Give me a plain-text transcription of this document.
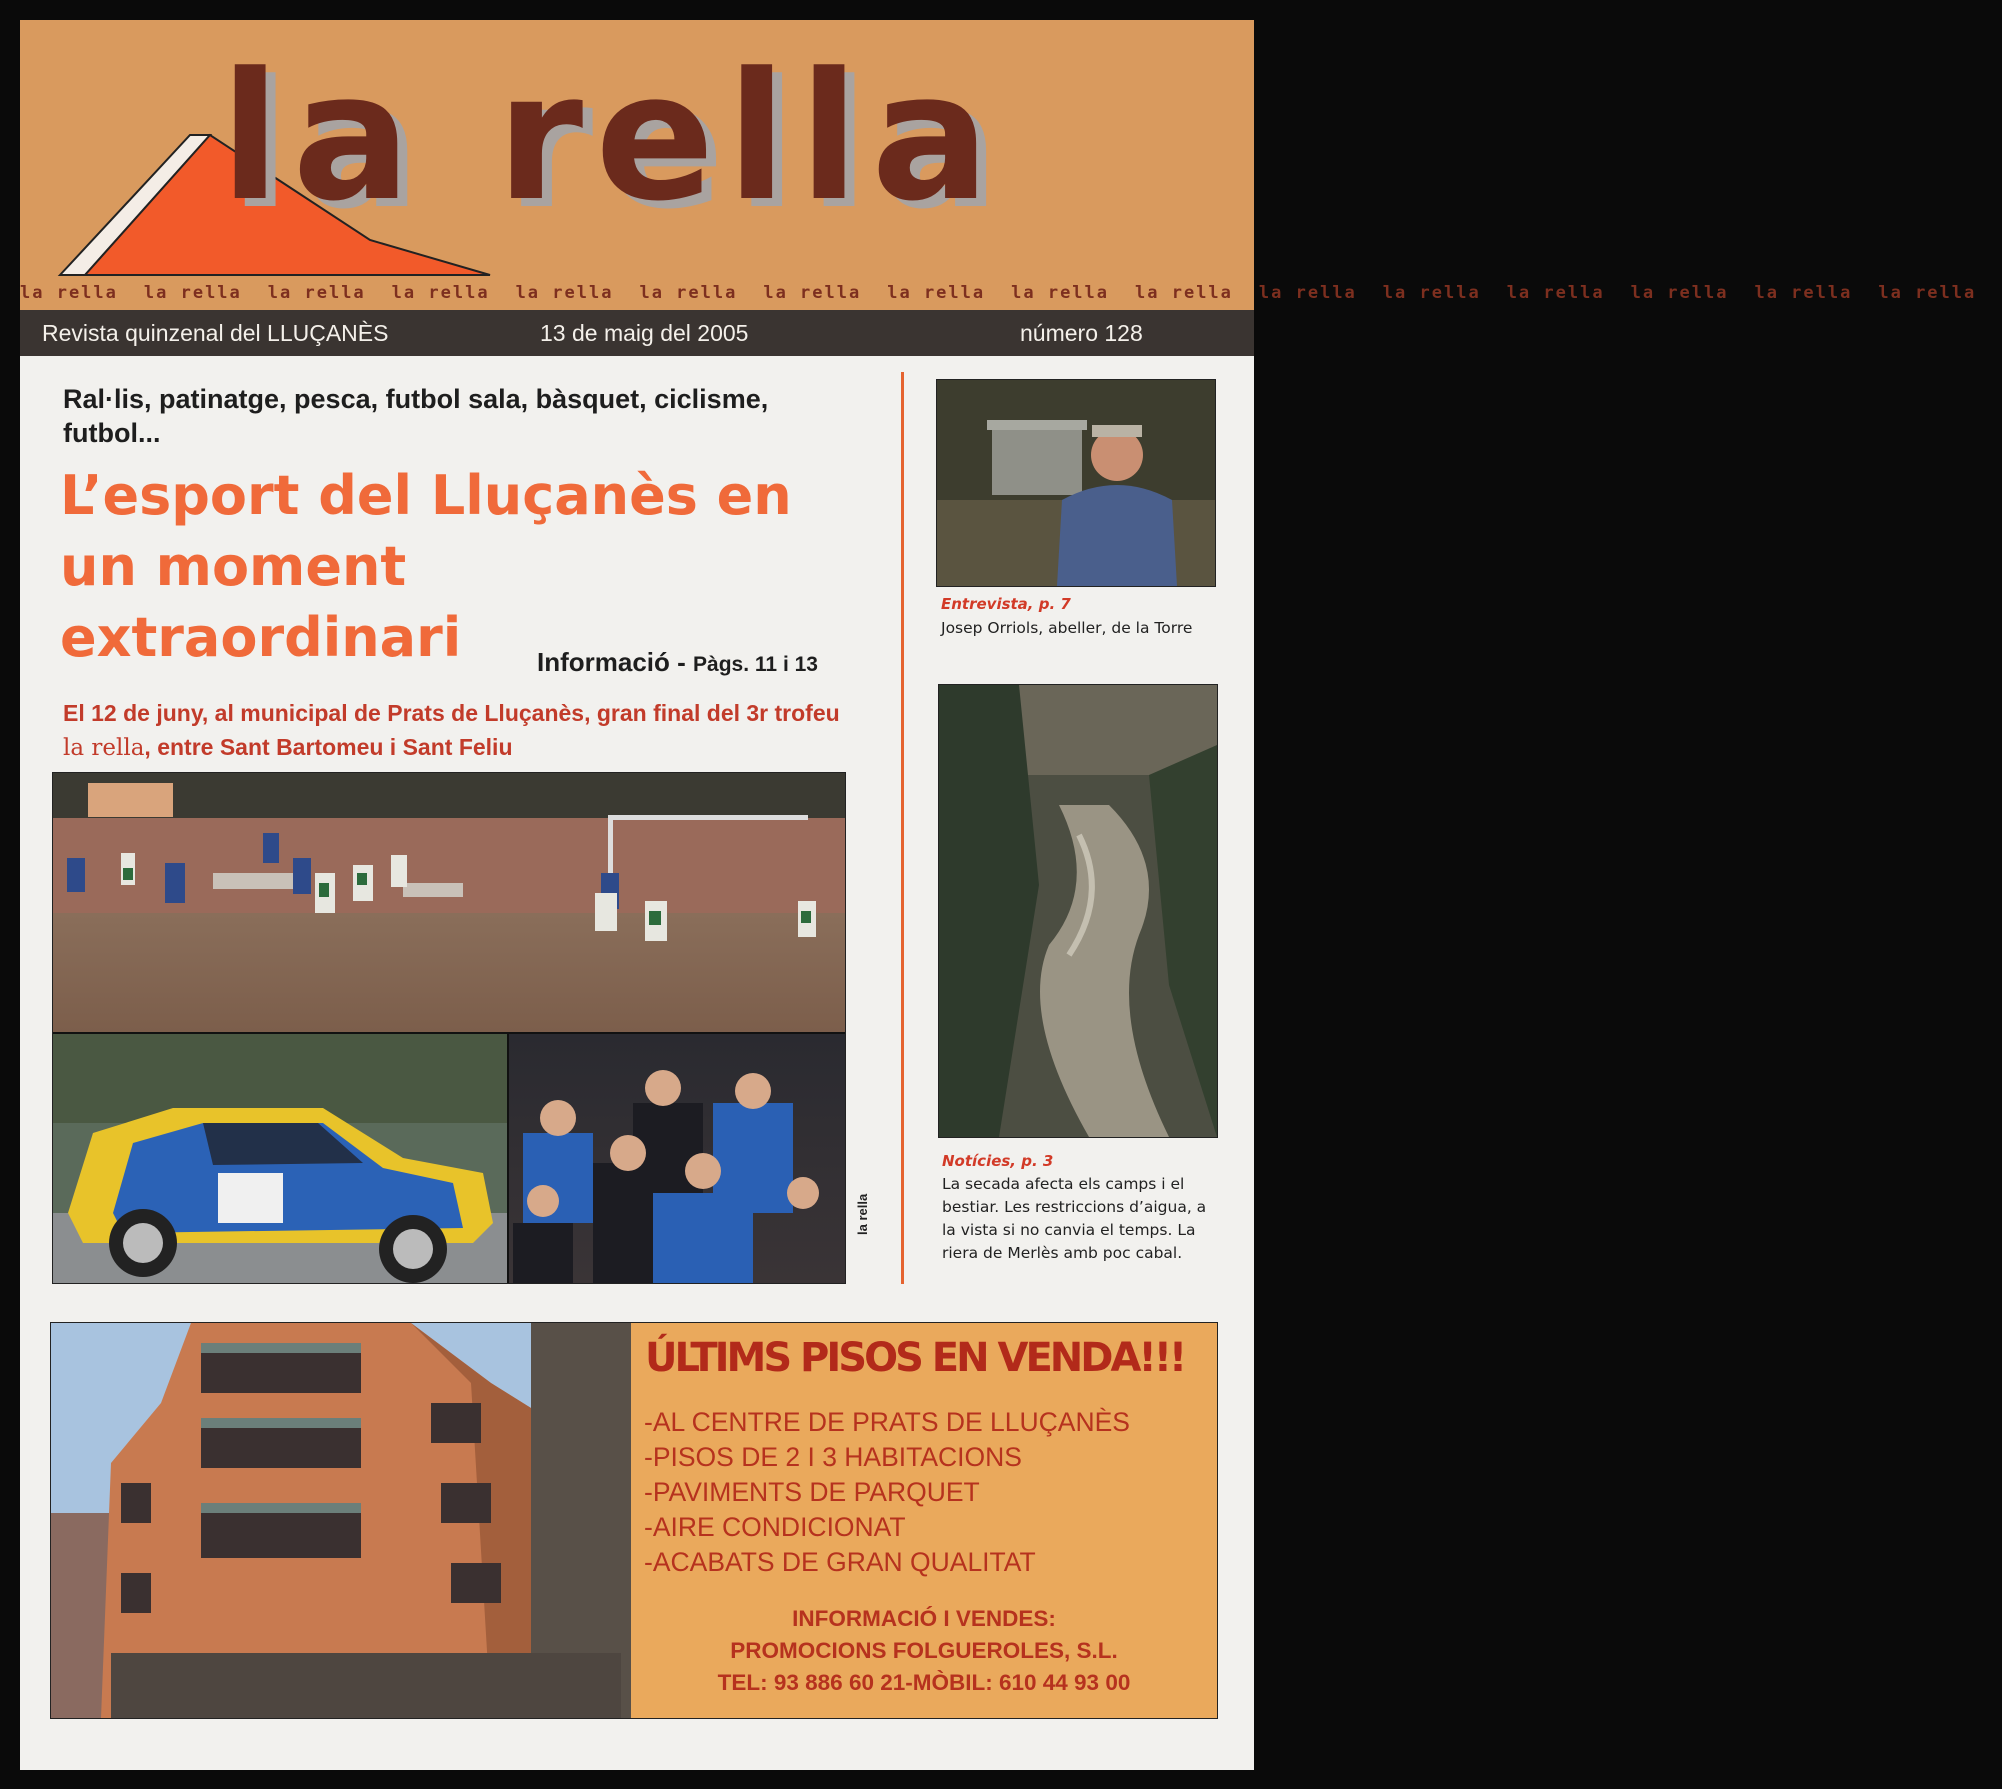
la rella
la rella la rella la rella la rella la rella la rella la rella la rella la rella la rella la rella la rella la rella la rella la rella la rella
Revista quinzenal del LLUÇANÈS	13 de maig del 2005	número 128
Ral·lis, patinatge, pesca, futbol sala, bàsquet, ciclisme, futbol...
L’esport del Lluçanès en un moment extraordinari	Informació - Pàgs. 11 i 13
El 12 de juny, al municipal de Prats de Lluçanès, gran final del 3r trofeu la rella, entre Sant Bartomeu i Sant Feliu
la rella
Entrevista, p. 7
Josep Orriols, abeller, de la Torre
Notícies, p. 3
La secada afecta els camps i el bestiar. Les restriccions d’aigua, a la vista si no canvia el temps. La riera de Merlès amb poc cabal.
ÚLTIMS PISOS EN VENDA!!!
-AL CENTRE DE PRATS DE LLUÇANÈS
-PISOS DE 2 I 3 HABITACIONS
-PAVIMENTS DE PARQUET
-AIRE CONDICIONAT
-ACABATS DE GRAN QUALITAT
INFORMACIÓ I VENDES:
PROMOCIONS FOLGUEROLES, S.L.
TEL: 93 886 60 21-MÒBIL: 610 44 93 00
